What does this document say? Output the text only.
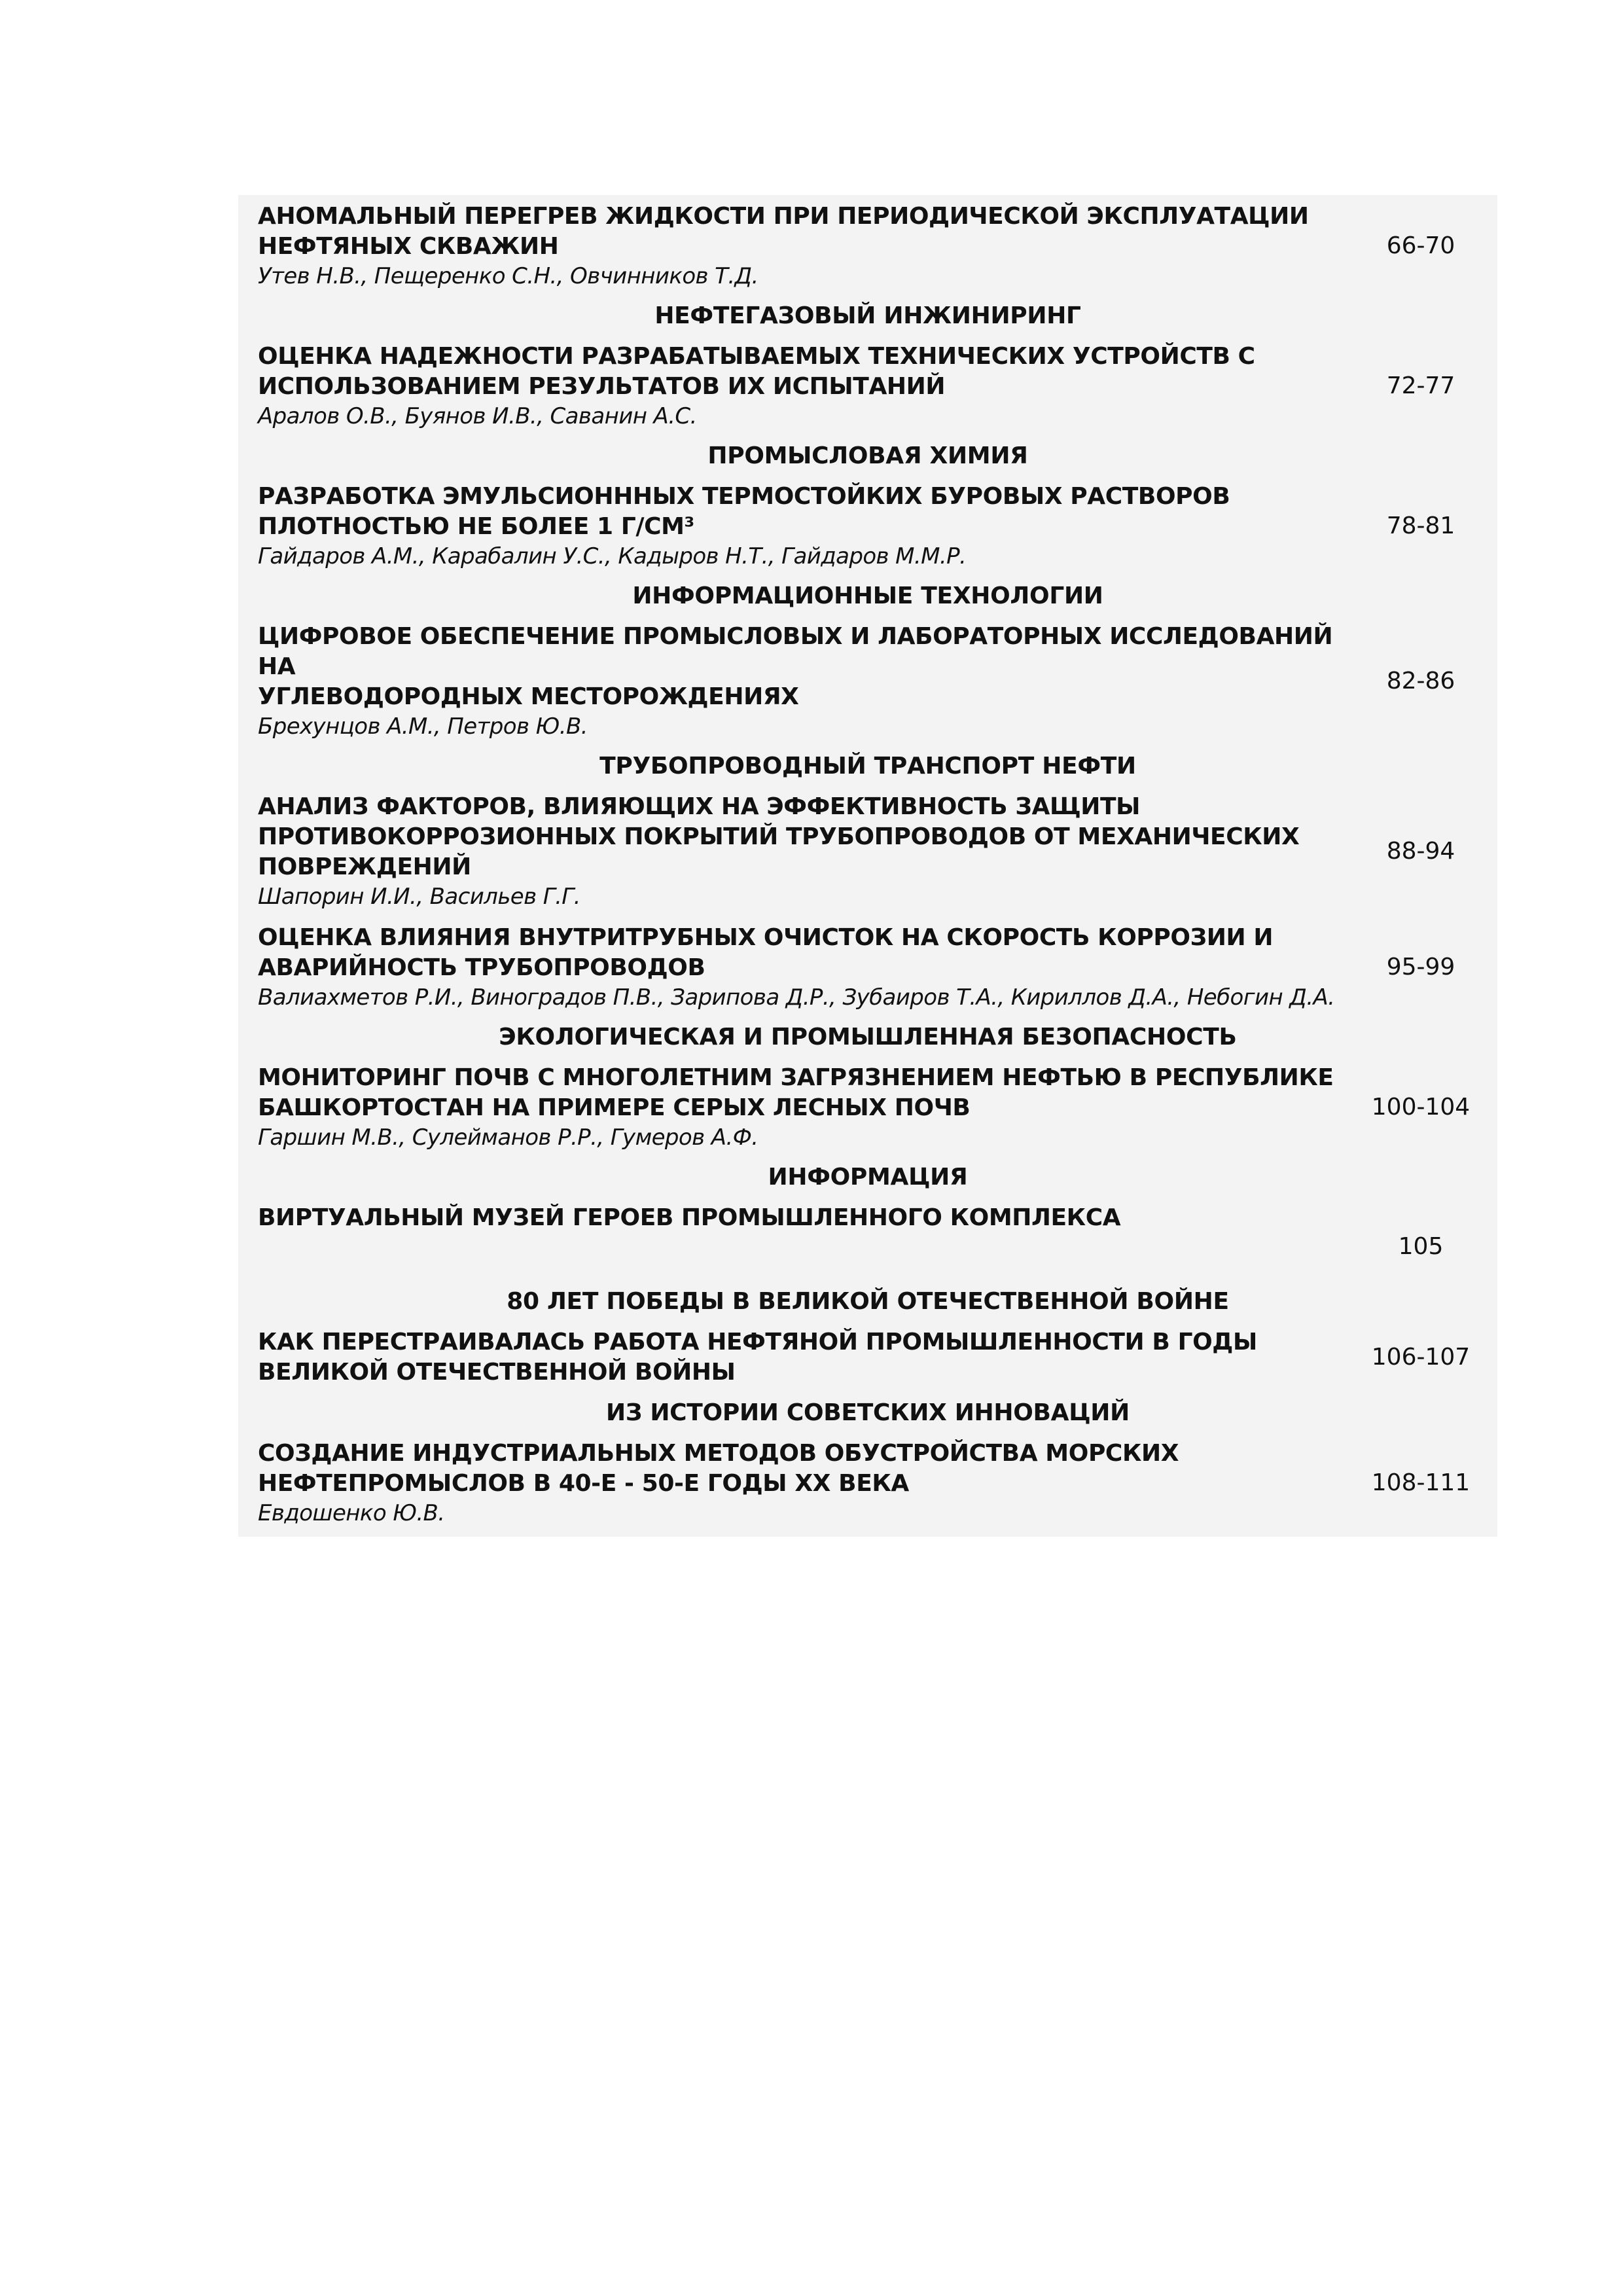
АНОМАЛЬНЫЙ ПЕРЕГРЕВ ЖИДКОСТИ ПРИ ПЕРИОДИЧЕСКОЙ ЭКСПЛУАТАЦИИ
НЕФТЯНЫХ СКВАЖИН
Утев Н.В., Пещеренко С.Н., Овчинников Т.Д.
66-70
НЕФТЕГАЗОВЫЙ ИНЖИНИРИНГ
ОЦЕНКА НАДЕЖНОСТИ РАЗРАБАТЫВАЕМЫХ ТЕХНИЧЕСКИХ УСТРОЙСТВ С
ИСПОЛЬЗОВАНИЕМ РЕЗУЛЬТАТОВ ИХ ИСПЫТАНИЙ
Аралов О.В., Буянов И.В., Саванин А.С.
72-77
ПРОМЫСЛОВАЯ ХИМИЯ
РАЗРАБОТКА ЭМУЛЬСИОНННЫХ ТЕРМОСТОЙКИХ БУРОВЫХ РАСТВОРОВ
ПЛОТНОСТЬЮ НЕ БОЛЕЕ 1 Г/СМ³
Гайдаров А.М., Карабалин У.С., Кадыров Н.Т., Гайдаров М.М.Р.
78-81
ИНФОРМАЦИОННЫЕ ТЕХНОЛОГИИ
ЦИФРОВОЕ ОБЕСПЕЧЕНИЕ ПРОМЫСЛОВЫХ И ЛАБОРАТОРНЫХ ИССЛЕДОВАНИЙ НА
УГЛЕВОДОРОДНЫХ МЕСТОРОЖДЕНИЯХ
Брехунцов А.М., Петров Ю.В.
82-86
ТРУБОПРОВОДНЫЙ ТРАНСПОРТ НЕФТИ
АНАЛИЗ ФАКТОРОВ, ВЛИЯЮЩИХ НА ЭФФЕКТИВНОСТЬ ЗАЩИТЫ
ПРОТИВОКОРРОЗИОННЫХ ПОКРЫТИЙ ТРУБОПРОВОДОВ ОТ МЕХАНИЧЕСКИХ
ПОВРЕЖДЕНИЙ
Шапорин И.И., Васильев Г.Г.
88-94
ОЦЕНКА ВЛИЯНИЯ ВНУТРИТРУБНЫХ ОЧИСТОК НА СКОРОСТЬ КОРРОЗИИ И
АВАРИЙНОСТЬ ТРУБОПРОВОДОВ
Валиахметов Р.И., Виноградов П.В., Зарипова Д.Р., Зубаиров Т.А., Кириллов Д.А., Небогин Д.А.
95-99
ЭКОЛОГИЧЕСКАЯ И ПРОМЫШЛЕННАЯ БЕЗОПАСНОСТЬ
МОНИТОРИНГ ПОЧВ С МНОГОЛЕТНИМ ЗАГРЯЗНЕНИЕМ НЕФТЬЮ В РЕСПУБЛИКЕ
БАШКОРТОСТАН НА ПРИМЕРЕ СЕРЫХ ЛЕСНЫХ ПОЧВ
Гаршин М.В., Сулейманов Р.Р., Гумеров А.Ф.
100-104
ИНФОРМАЦИЯ
ВИРТУАЛЬНЫЙ МУЗЕЙ ГЕРОЕВ ПРОМЫШЛЕННОГО КОМПЛЕКСА
105
80 ЛЕТ ПОБЕДЫ В ВЕЛИКОЙ ОТЕЧЕСТВЕННОЙ ВОЙНЕ
КАК ПЕРЕСТРАИВАЛАСЬ РАБОТА НЕФТЯНОЙ ПРОМЫШЛЕННОСТИ В ГОДЫ
ВЕЛИКОЙ ОТЕЧЕСТВЕННОЙ ВОЙНЫ
106-107
ИЗ ИСТОРИИ СОВЕТСКИХ ИННОВАЦИЙ
СОЗДАНИЕ ИНДУСТРИАЛЬНЫХ МЕТОДОВ ОБУСТРОЙСТВА МОРСКИХ
НЕФТЕПРОМЫСЛОВ В 40-Е - 50-Е ГОДЫ XX ВЕКА
Евдошенко Ю.В.
108-111
